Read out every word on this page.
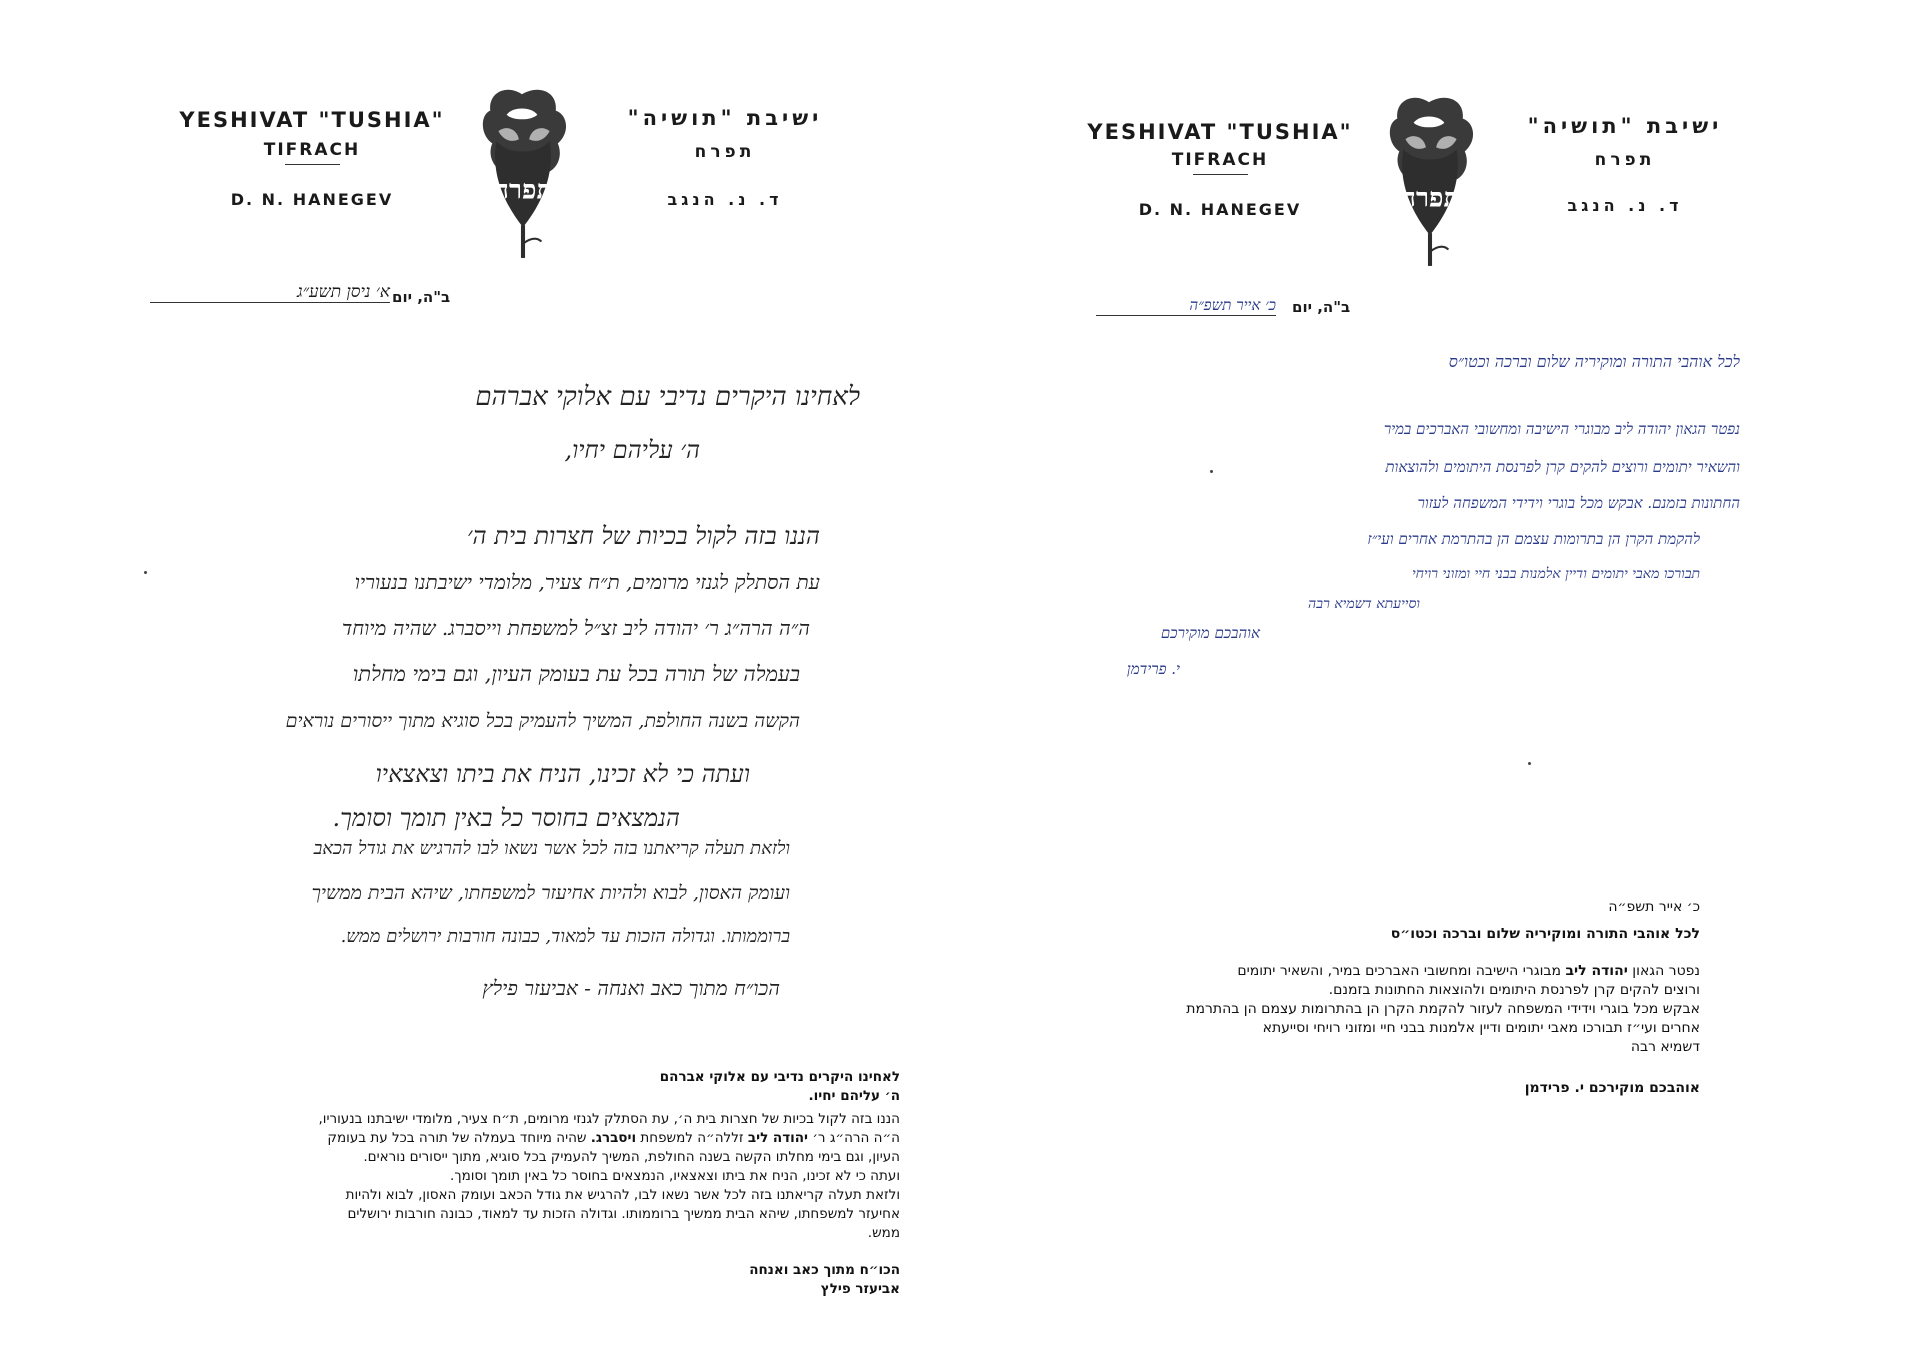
YESHIVAT "TUSHIA"
TIFRACH
D. N. HANEGEV
ישיבת "תושיה"
תפרח
ד. נ. הנגב
ב"ה, יום
א׳ ניסן תשע״ג
לאחינו היקרים נדיבי עם אלוקי אברהם
ה׳ עליהם יחיו,
הננו בזה לקול בכיות של חצרות בית ה׳
עת הסתלק לגנזי מרומים, ת״ח צעיר, מלומדי ישיבתנו בנעוריו
ה״ה הרה״ג ר׳ יהודה ליב זצ״ל למשפחת וייסברג. שהיה מיוחד
בעמלה של תורה בכל עת בעומק העיון, וגם בימי מחלתו
הקשה בשנה החולפת, המשיך להעמיק בכל סוגיא מתוך ייסורים נוראים
ועתה כי לא זכינו, הניח את ביתו וצאצאיו
הנמצאים בחוסר כל באין תומך וסומך.
ולזאת תעלה קריאתנו בזה לכל אשר נשאו לבו להרגיש את גודל הכאב
ועומק האסון, לבוא ולהיות אחיעזר למשפחתו, שיהא הבית ממשיך
ברוממותו. וגדולה הזכות עד למאוד, כבונה חורבות ירושלים ממש.
הכו״ח מתוך כאב ואנחה - אביעזר פילץ

לאחינו היקרים נדיבי עם אלוקי אברהם

ה׳ עליהם יחיו.

הננו בזה לקול בכיות של חצרות בית ה׳, עת הסתלק לגנזי מרומים, ת״ח צעיר, מלומדי ישיבתנו בנעוריו,

ה״ה הרה״ג ר׳ יהודה ליב זללה״ה למשפחת ויסברג. שהיה מיוחד בעמלה של תורה בכל עת בעומק

העיון, וגם בימי מחלתו הקשה בשנה החולפת, המשיך להעמיק בכל סוגיא, מתוך ייסורים נוראים.

ועתה כי לא זכינו, הניח את ביתו וצאצאיו, הנמצאים בחוסר כל באין תומך וסומך.

ולזאת תעלה קריאתנו בזה לכל אשר נשאו לבו, להרגיש את גודל הכאב ועומק האסון, לבוא ולהיות

אחיעזר למשפחתו, שיהא הבית ממשיך ברוממותו. וגדולה הזכות עד למאוד, כבונה חורבות ירושלים

ממש.

הכו״ח מתוך כאב ואנחה

אביעזר פילץ

YESHIVAT "TUSHIA"
TIFRACH
D. N. HANEGEV
ישיבת "תושיה"
תפרח
ד. נ. הנגב
ב"ה, יום
כ׳ אייר תשפ״ה
לכל אוהבי התורה ומוקיריה שלום וברכה וכטו״ס
נפטר הגאון יהודה ליב מבוגרי הישיבה ומחשובי האברכים במיר
והשאיר יתומים ורוצים להקים קרן לפרנסת היתומים ולהוצאות
החתונות בזמנם. אבקש מכל בוגרי וידידי המשפחה לעזור
להקמת הקרן הן בתרומות עצמם הן בהתרמת אחרים ועי״ז
תבורכו מאבי יתומים ודיין אלמנות בבני חיי ומזוני רויחי
וסייעתא דשמיא רבה
אוהבכם מוקירכם
י. פרידמן

כ׳ אייר תשפ״ה

לכל אוהבי התורה ומוקיריה שלום וברכה וכטו״ס

נפטר הגאון יהודה ליב מבוגרי הישיבה ומחשובי האברכים במיר, והשאיר יתומים

ורוצים להקים קרן לפרנסת היתומים ולהוצאות החתונות בזמנם.

אבקש מכל בוגרי וידידי המשפחה לעזור להקמת הקרן הן בהתרומות עצמם הן בהתרמת

אחרים ועי״ז תבורכו מאבי יתומים ודיין אלמנות בבני חיי ומזוני רויחי וסייעתא

דשמיא רבה

אוהבכם מוקירכם י. פרידמן
